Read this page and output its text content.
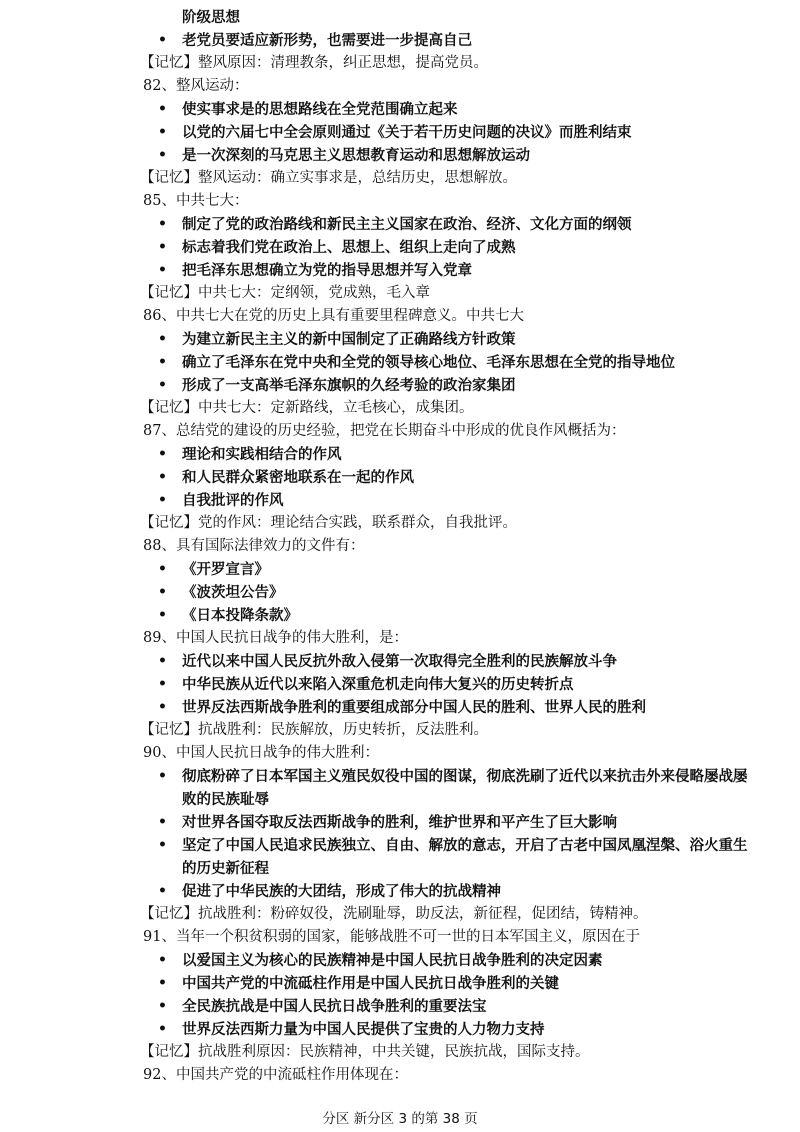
阶级思想
• 老党员要适应新形势，也需要进一步提高自己
【记忆】整风原因：清理教条，纠正思想，提高党员。
82、整风运动：
• 使实事求是的思想路线在全党范围确立起来
• 以党的六届七中全会原则通过《关于若干历史问题的决议》而胜利结束
• 是一次深刻的马克思主义思想教育运动和思想解放运动
【记忆】整风运动：确立实事求是，总结历史，思想解放。
85、中共七大：
• 制定了党的政治路线和新民主主义国家在政治、经济、文化方面的纲领
• 标志着我们党在政治上、思想上、组织上走向了成熟
• 把毛泽东思想确立为党的指导思想并写入党章
【记忆】中共七大：定纲领，党成熟，毛入章
86、中共七大在党的历史上具有重要里程碑意义。中共七大
• 为建立新民主主义的新中国制定了正确路线方针政策
• 确立了毛泽东在党中央和全党的领导核心地位、毛泽东思想在全党的指导地位
• 形成了一支高举毛泽东旗帜的久经考验的政治家集团
【记忆】中共七大：定新路线，立毛核心，成集团。
87、总结党的建设的历史经验，把党在长期奋斗中形成的优良作风概括为：
• 理论和实践相结合的作风
• 和人民群众紧密地联系在一起的作风
• 自我批评的作风
【记忆】党的作风：理论结合实践，联系群众，自我批评。
88、具有国际法律效力的文件有：
• 《开罗宣言》
• 《波茨坦公告》
• 《日本投降条款》
89、中国人民抗日战争的伟大胜利，是：
• 近代以来中国人民反抗外敌入侵第一次取得完全胜利的民族解放斗争
• 中华民族从近代以来陷入深重危机走向伟大复兴的历史转折点
• 世界反法西斯战争胜利的重要组成部分中国人民的胜利、世界人民的胜利
【记忆】抗战胜利：民族解放，历史转折，反法胜利。
90、中国人民抗日战争的伟大胜利：
• 彻底粉碎了日本军国主义殖民奴役中国的图谋，彻底洗刷了近代以来抗击外来侵略屡战屡
败的民族耻辱
• 对世界各国夺取反法西斯战争的胜利，维护世界和平产生了巨大影响
• 坚定了中国人民追求民族独立、自由、解放的意志，开启了古老中国凤凰涅槃、浴火重生
的历史新征程
• 促进了中华民族的大团结，形成了伟大的抗战精神
【记忆】抗战胜利：粉碎奴役，洗刷耻辱，助反法，新征程，促团结，铸精神。
91、当年一个积贫积弱的国家，能够战胜不可一世的日本军国主义，原因在于
• 以爱国主义为核心的民族精神是中国人民抗日战争胜利的决定因素
• 中国共产党的中流砥柱作用是中国人民抗日战争胜利的关键
• 全民族抗战是中国人民抗日战争胜利的重要法宝
• 世界反法西斯力量为中国人民提供了宝贵的人力物力支持
【记忆】抗战胜利原因：民族精神，中共关键，民族抗战，国际支持。
92、中国共产党的中流砥柱作用体现在：
分区 新分区 3 的第 38 页
